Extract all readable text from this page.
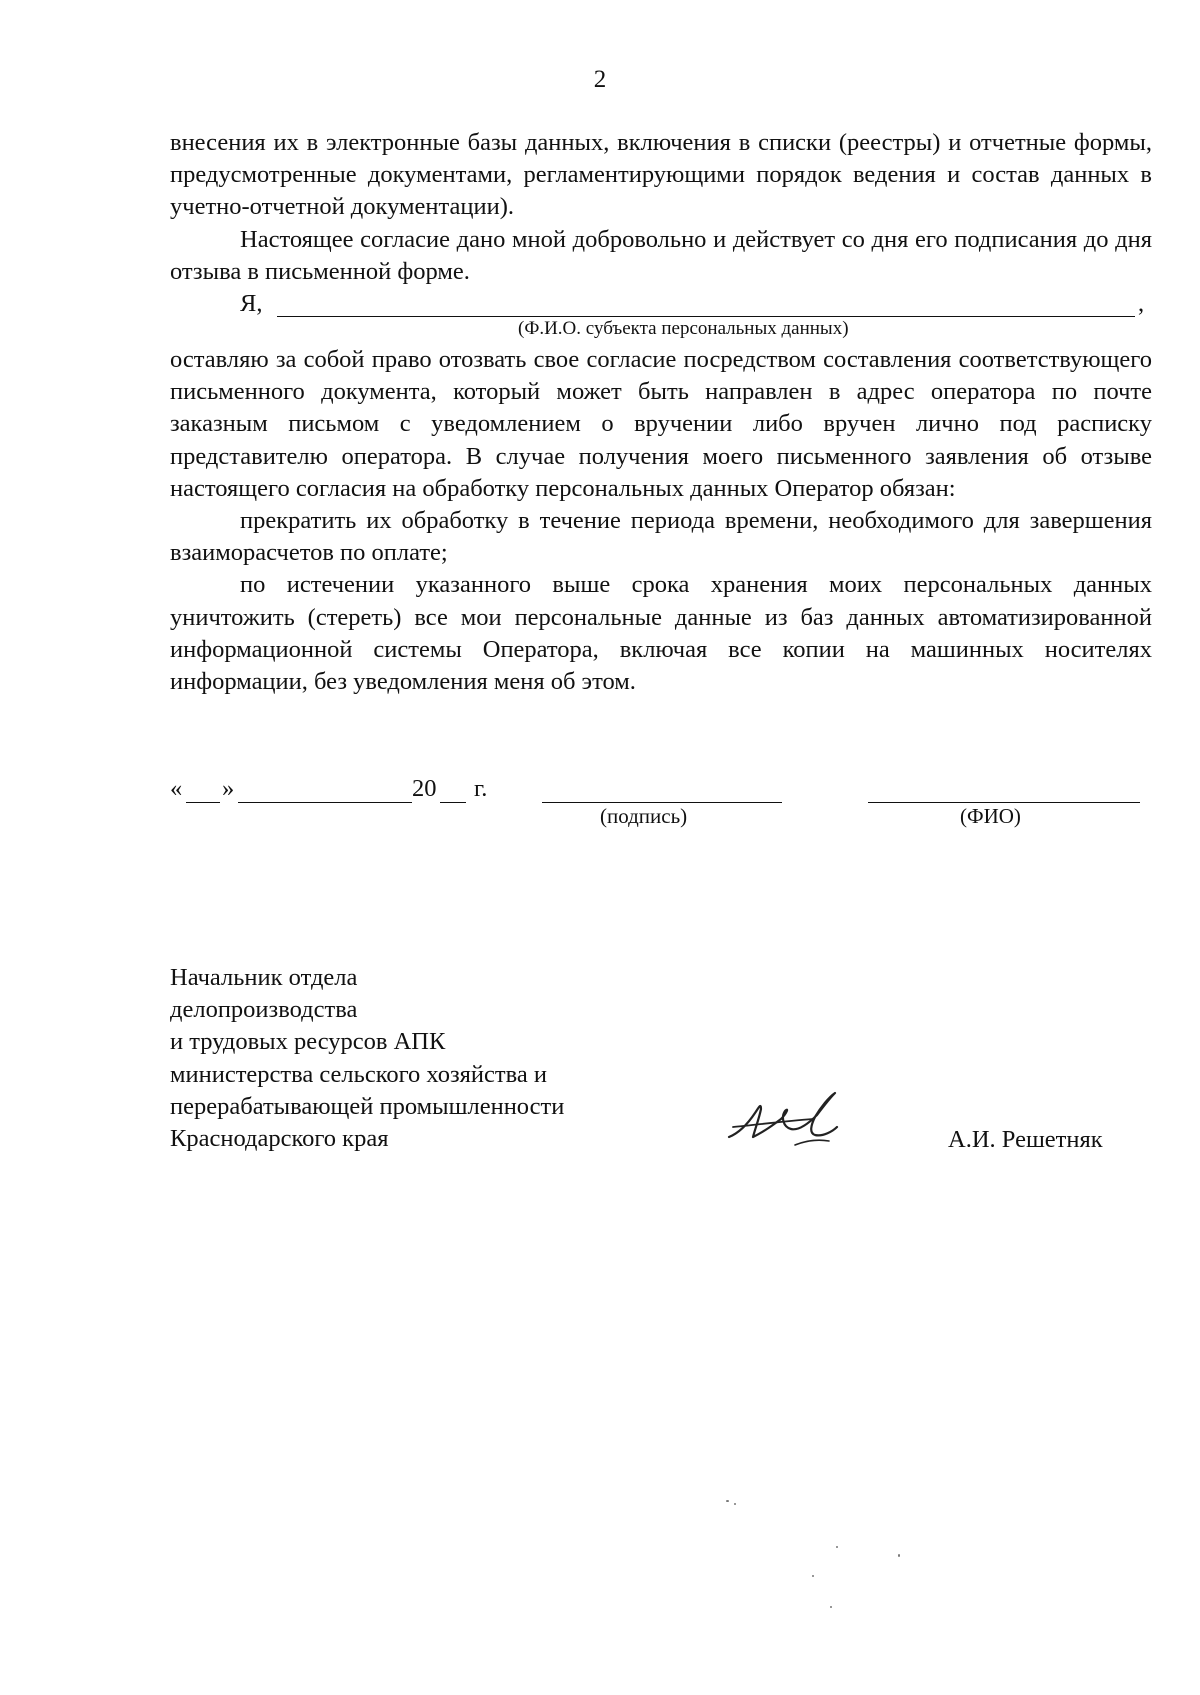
2

внесения их в электронные базы данных, включения в списки (реестры) и отчетные формы, предусмотренные документами, регламентирующими порядок ведения и состав данных в учетно-отчетной документации).

Настоящее согласие дано мной добровольно и действует со дня его подписания до дня отзыва в письменной форме.

Я,	,
(Ф.И.О. субъекта персональных данных)

оставляю за собой право отозвать свое согласие посредством составления соответствующего письменного документа, который может быть направлен в адрес оператора по почте заказным письмом с уведомлением о вручении либо вручен лично под расписку представителю оператора. В случае получения моего письменного заявления об отзыве настоящего согласия на обработку персональных данных Оператор обязан:

прекратить их обработку в течение периода времени, необходимого для завершения взаиморасчетов по оплате;

по истечении указанного выше срока хранения моих персональных данных уничтожить (стереть) все мои персональные данные из баз данных автоматизированной информационной системы Оператора, включая все копии на машинных носителях информации, без уведомления меня об этом.

« »	20 г.
(подпись)	(ФИО)
Начальник отдела
делопроизводства
и трудовых ресурсов АПК
министерства сельского хозяйства и
перерабатывающей промышленности
Краснодарского края	А.И. Решетняк
